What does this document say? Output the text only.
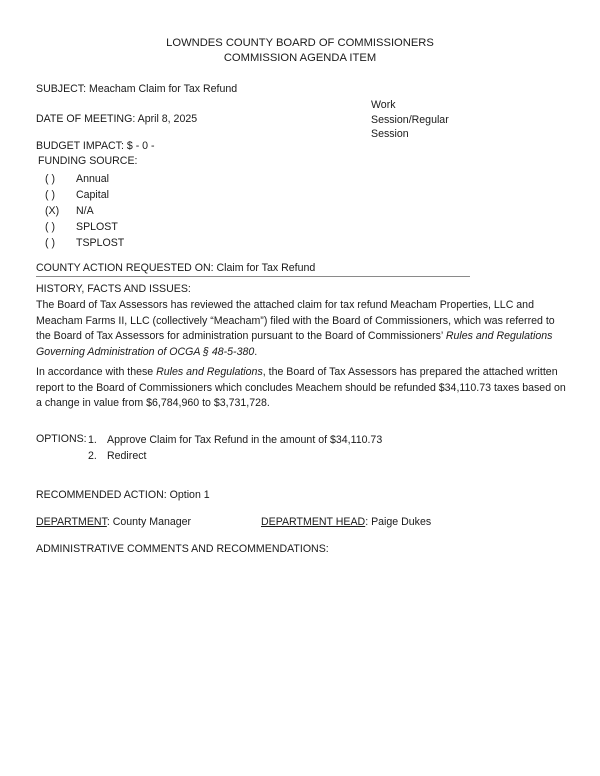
LOWNDES COUNTY BOARD OF COMMISSIONERS
COMMISSION AGENDA ITEM
SUBJECT: Meacham Claim for Tax Refund
Work
Session/Regular
Session
DATE OF MEETING: April 8, 2025
BUDGET IMPACT: $ - 0 -
FUNDING SOURCE:
( ) Annual
( ) Capital
(X) N/A
( ) SPLOST
( ) TSPLOST
COUNTY ACTION REQUESTED ON: Claim for Tax Refund
HISTORY, FACTS AND ISSUES:
The Board of Tax Assessors has reviewed the attached claim for tax refund Meacham Properties, LLC and Meacham Farms II, LLC (collectively “Meacham”) filed with the Board of Commissioners, which was referred to the Board of Tax Assessors for administration pursuant to the Board of Commissioners’ Rules and Regulations Governing Administration of OCGA § 48-5-380.
In accordance with these Rules and Regulations, the Board of Tax Assessors has prepared the attached written report to the Board of Commissioners which concludes Meachem should be refunded $34,110.73 taxes based on a change in value from $6,784,960 to $3,731,728.
OPTIONS: 1. Approve Claim for Tax Refund in the amount of $34,110.73
2. Redirect
RECOMMENDED ACTION: Option 1
DEPARTMENT: County Manager	DEPARTMENT HEAD: Paige Dukes
ADMINISTRATIVE COMMENTS AND RECOMMENDATIONS:
